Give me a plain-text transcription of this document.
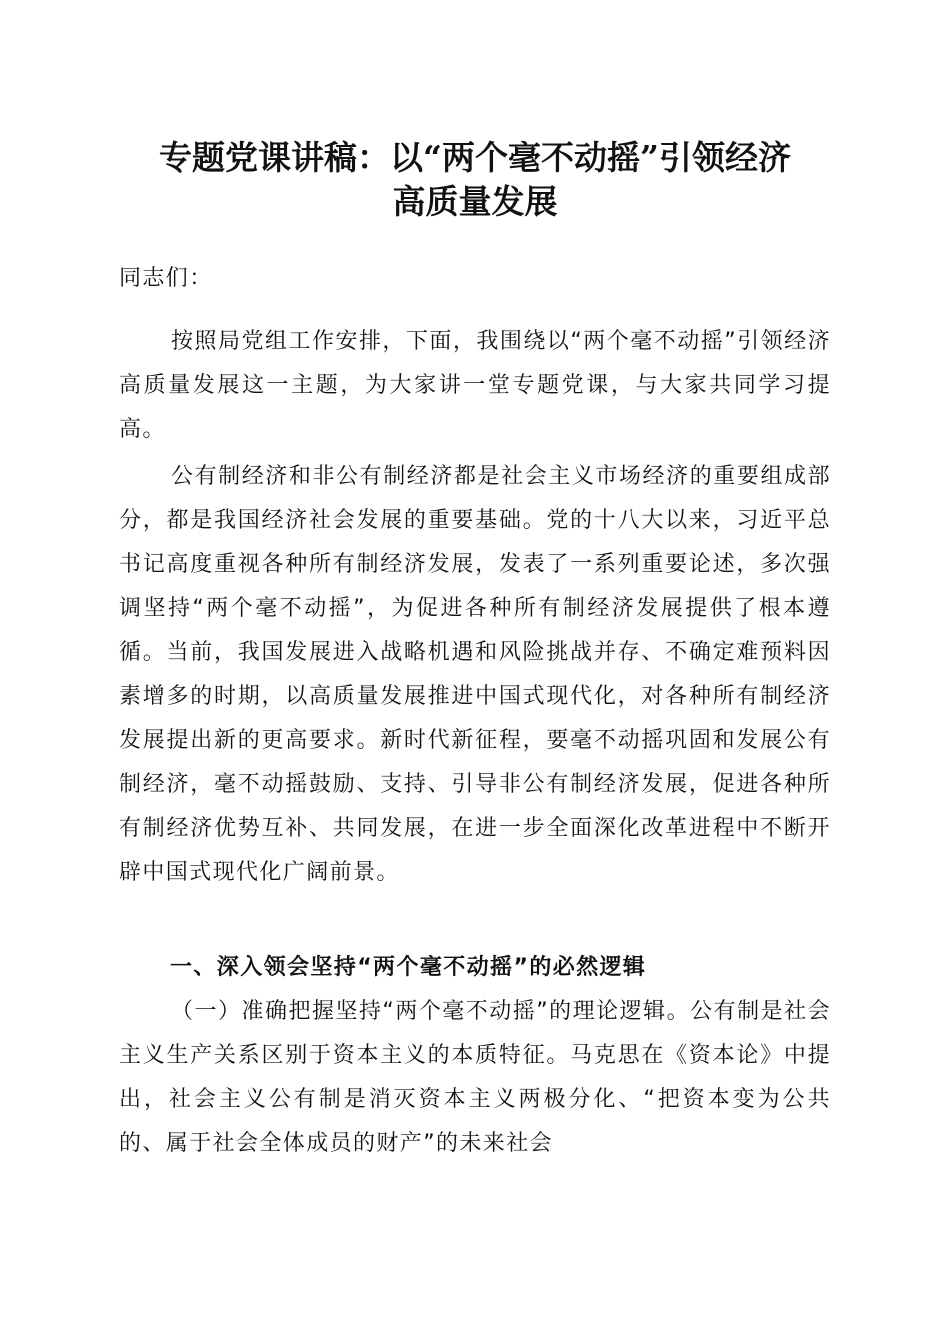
专题党课讲稿：以“两个毫不动摇”引领经济
高质量发展

同志们：

按照局党组工作安排，下面，我围绕以“两个毫不动摇”引领经济高质量发展这一主题，为大家讲一堂专题党课，与大家共同学习提高。

公有制经济和非公有制经济都是社会主义市场经济的重要组成部分，都是我国经济社会发展的重要基础。党的十八大以来，习近平总书记高度重视各种所有制经济发展，发表了一系列重要论述，多次强调坚持“两个毫不动摇”，为促进各种所有制经济发展提供了根本遵循。当前，我国发展进入战略机遇和风险挑战并存、不确定难预料因素增多的时期，以高质量发展推进中国式现代化，对各种所有制经济发展提出新的更高要求。新时代新征程，要毫不动摇巩固和发展公有制经济，毫不动摇鼓励、支持、引导非公有制经济发展，促进各种所有制经济优势互补、共同发展，在进一步全面深化改革进程中不断开辟中国式现代化广阔前景。

一、深入领会坚持“两个毫不动摇”的必然逻辑

（一）准确把握坚持“两个毫不动摇”的理论逻辑。公有制是社会主义生产关系区别于资本主义的本质特征。马克思在《资本论》中提出，社会主义公有制是消灭资本主义两极分化、“把资本变为公共的、属于社会全体成员的财产”的未来社会
